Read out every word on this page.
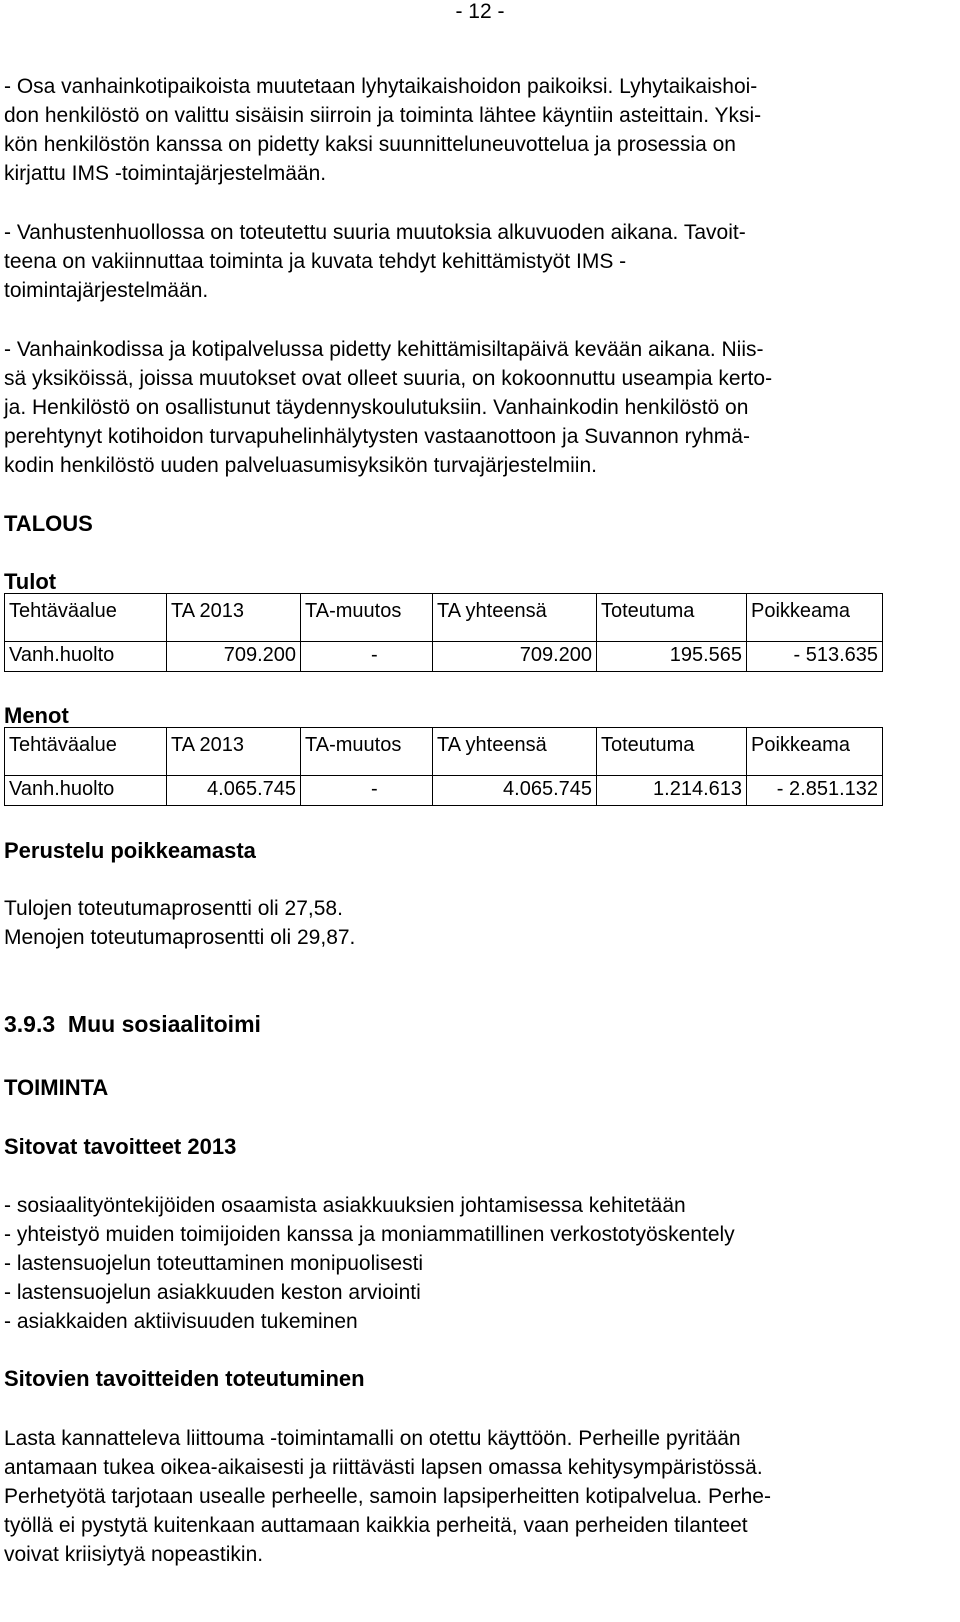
- 12 -
- Osa vanhainkotipaikoista muutetaan lyhytaikaishoidon paikoiksi. Lyhytaikaishoi-
don henkilöstö on valittu sisäisin siirroin ja toiminta lähtee käyntiin asteittain. Yksi-
kön henkilöstön kanssa on pidetty kaksi suunnitteluneuvottelua ja prosessia on
kirjattu IMS -toimintajärjestelmään.
- Vanhustenhuollossa on toteutettu suuria muutoksia alkuvuoden aikana. Tavoit-
teena on vakiinnuttaa toiminta ja kuvata tehdyt kehittämistyöt IMS -
toimintajärjestelmään.
- Vanhainkodissa ja kotipalvelussa pidetty kehittämisiltapäivä kevään aikana. Niis-
sä yksiköissä, joissa muutokset ovat olleet suuria, on kokoonnuttu useampia kerto-
ja. Henkilöstö on osallistunut täydennyskoulutuksiin. Vanhainkodin henkilöstö on
perehtynyt kotihoidon turvapuhelinhälytysten vastaanottoon ja Suvannon ryhmä-
kodin henkilöstö uuden palveluasumisyksikön turvajärjestelmiin.
TALOUS
Tulot
Tehtäväalue	TA 2013	TA-muutos	TA yhteensä	Toteutuma	Poikkeama
Vanh.huolto	709.200	-	709.200	195.565	- 513.635
Menot
Tehtäväalue	TA 2013	TA-muutos	TA yhteensä	Toteutuma	Poikkeama
Vanh.huolto	4.065.745	-	4.065.745	1.214.613	- 2.851.132
Perustelu poikkeamasta
Tulojen toteutumaprosentti oli 27,58.
Menojen toteutumaprosentti oli 29,87.
3.9.3  Muu sosiaalitoimi
TOIMINTA
Sitovat tavoitteet 2013
- sosiaalityöntekijöiden osaamista asiakkuuksien johtamisessa kehitetään
- yhteistyö muiden toimijoiden kanssa ja moniammatillinen verkostotyöskentely
- lastensuojelun toteuttaminen monipuolisesti
- lastensuojelun asiakkuuden keston arviointi
- asiakkaiden aktiivisuuden tukeminen
Sitovien tavoitteiden toteutuminen
Lasta kannatteleva liittouma -toimintamalli on otettu käyttöön. Perheille pyritään
antamaan tukea oikea-aikaisesti ja riittävästi lapsen omassa kehitysympäristössä.
Perhetyötä tarjotaan usealle perheelle, samoin lapsiperheitten kotipalvelua. Perhe-
työllä ei pystytä kuitenkaan auttamaan kaikkia perheitä, vaan perheiden tilanteet
voivat kriisiytyä nopeastikin.
